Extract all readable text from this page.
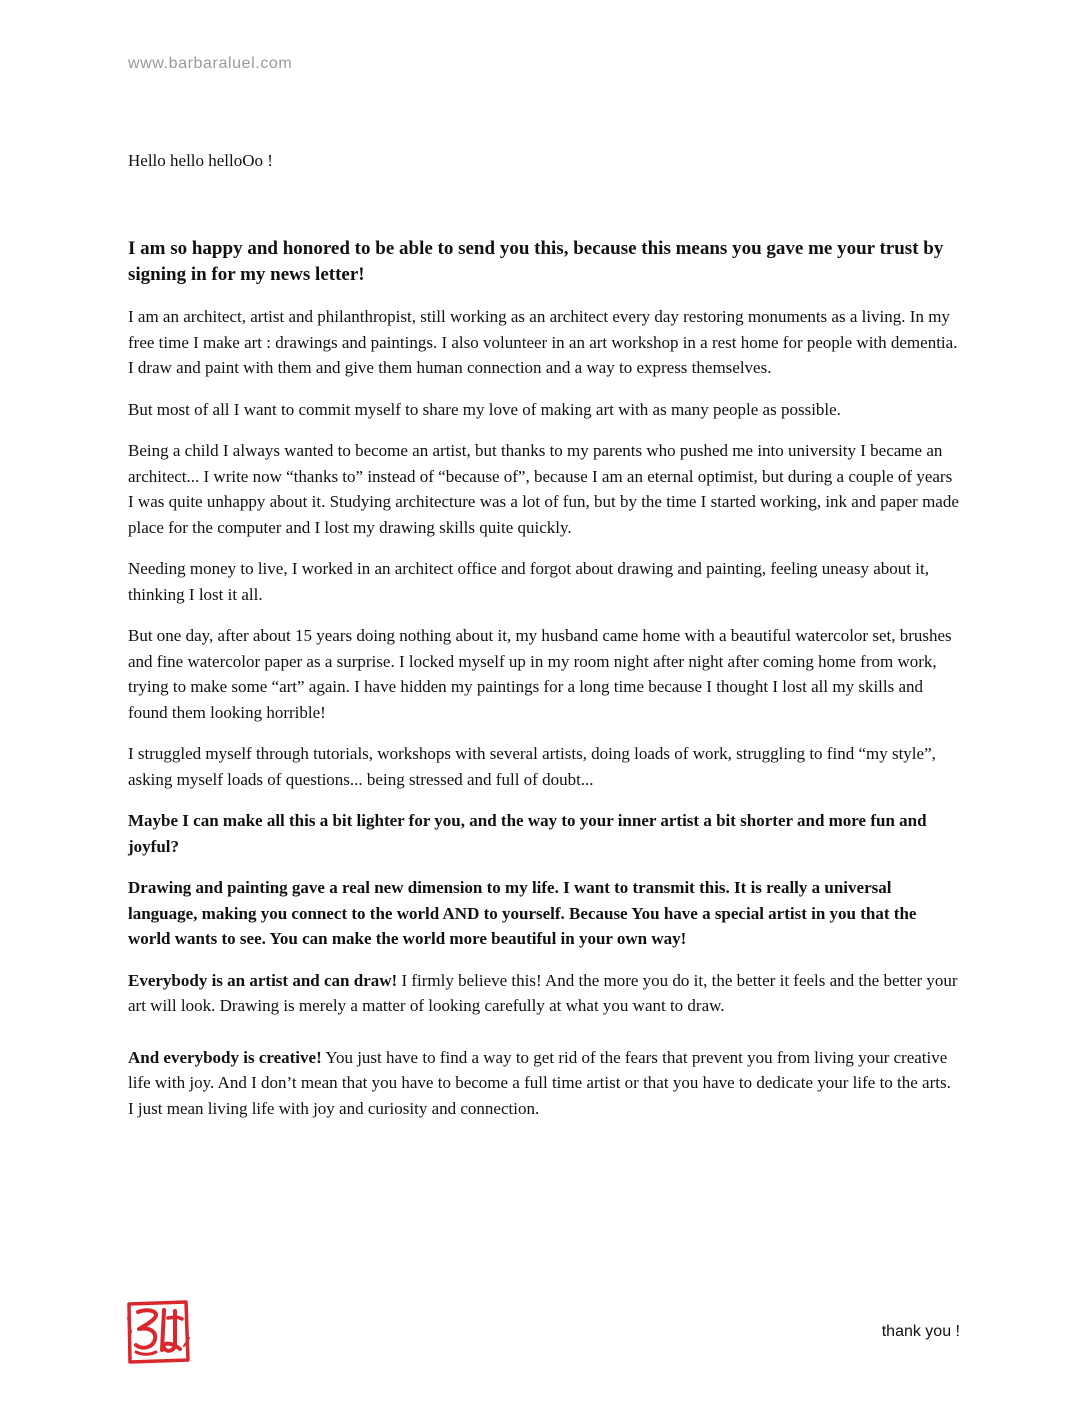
www.barbaraluel.com
Hello hello helloOo !

I am so happy and honored to be able to send you this, because this means you gave me your trust by signing in for my news letter!

I am an architect, artist and philanthropist, still working as an architect every day restoring monuments as a living. In my free time I make art : drawings and paintings. I also volunteer in an art workshop in a rest home for people with dementia. I draw and paint with them and give them human connection and a way to express themselves.

But most of all I want to commit myself to share my love of making art with as many people as possible.

Being a child I always wanted to become an artist, but thanks to my parents who pushed me into university I became an architect... I write now “thanks to” instead of “because of”, because I am an eternal optimist, but during a couple of years I was quite unhappy about it. Studying architecture was a lot of fun, but by the time I started working, ink and paper made place for the computer and I lost my drawing skills quite quickly.

Needing money to live, I worked in an architect office and forgot about drawing and painting, feeling uneasy about it, thinking I lost it all.

But one day, after about 15 years doing nothing about it, my husband came home with a beautiful watercolor set, brushes and fine watercolor paper as a surprise. I locked myself up in my room night after night after coming home from work, trying to make some “art” again. I have hidden my paintings for a long time because I thought I lost all my skills and found them looking horrible!

I struggled myself through tutorials, workshops with several artists, doing loads of work, struggling to find “my style”, asking myself loads of questions... being stressed and full of doubt...

Maybe I can make all this a bit lighter for you, and the way to your inner artist a bit shorter and more fun and joyful?

Drawing and painting gave a real new dimension to my life. I want to transmit this. It is really a universal language, making you connect to the world AND to yourself. Because You have a special artist in you that the world wants to see. You can make the world more beautiful in your own way!

Everybody is an artist and can draw! I firmly believe this! And the more you do it, the better it feels and the better your art will look. Drawing is merely a matter of looking carefully at what you want to draw.

And everybody is creative! You just have to find a way to get rid of the fears that prevent you from living your creative life with joy. And I don’t mean that you have to become a full time artist or that you have to dedicate your life to the arts. I just mean living life with joy and curiosity and connection.

thank you !
